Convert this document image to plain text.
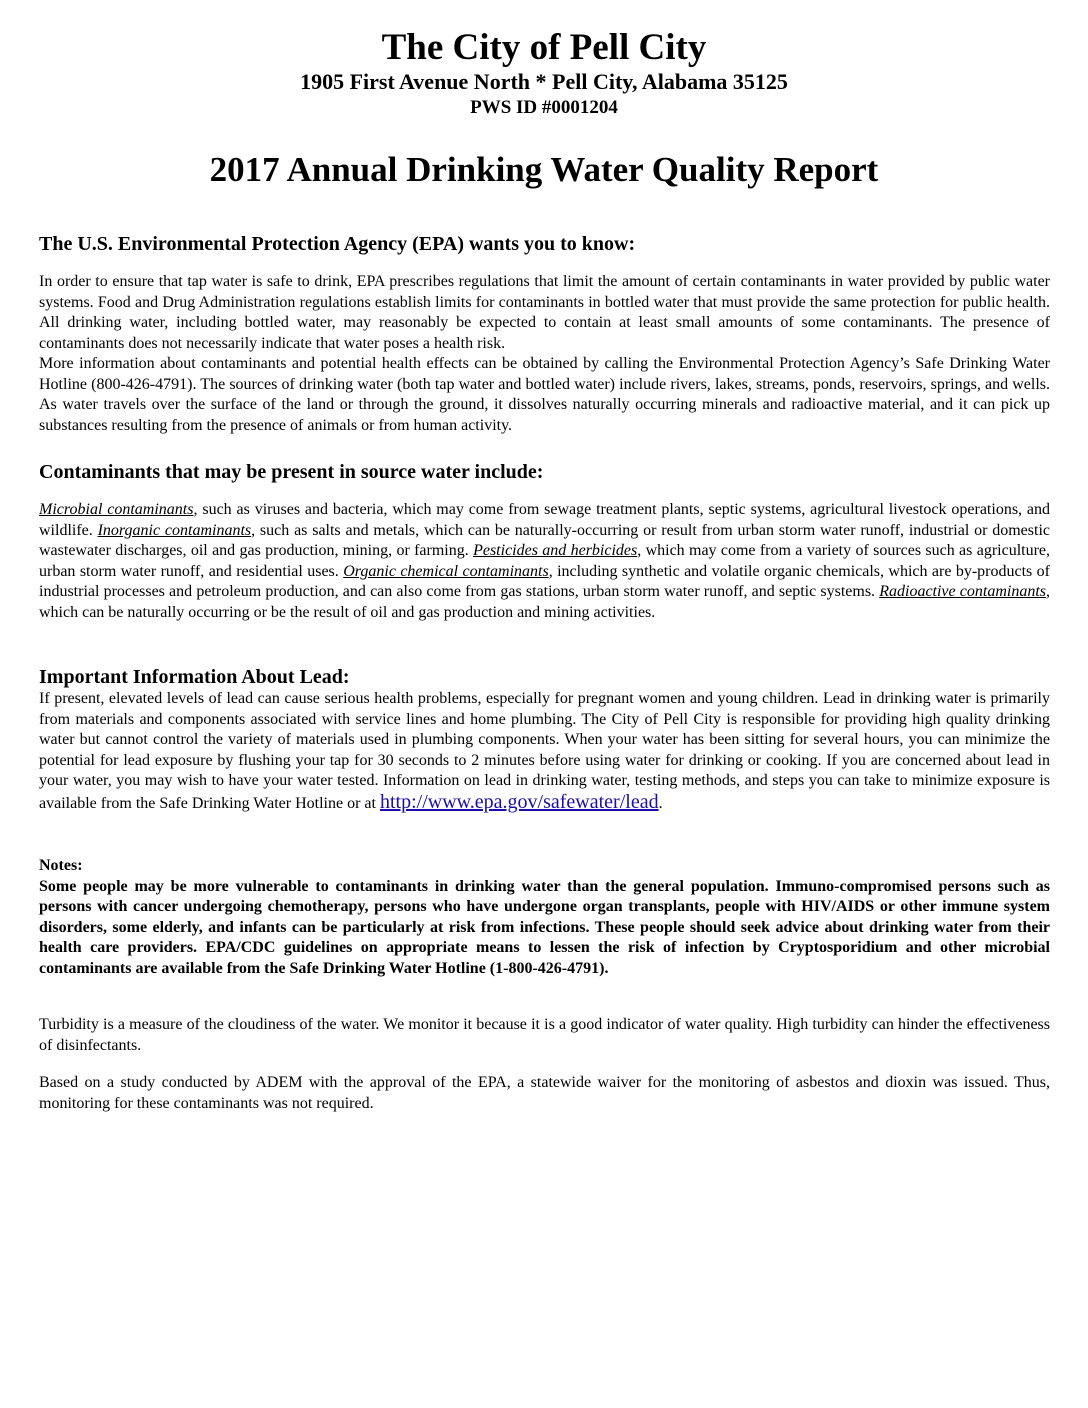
The City of Pell City
1905 First Avenue North * Pell City, Alabama 35125
PWS ID #0001204
2017 Annual Drinking Water Quality Report

The U.S. Environmental Protection Agency (EPA) wants you to know:

In order to ensure that tap water is safe to drink, EPA prescribes regulations that limit the amount of certain contaminants in water provided by public water systems. Food and Drug Administration regulations establish limits for contaminants in bottled water that must provide the same protection for public health. All drinking water, including bottled water, may reasonably be expected to contain at least small amounts of some contaminants. The presence of contaminants does not necessarily indicate that water poses a health risk.

More information about contaminants and potential health effects can be obtained by calling the Environmental Protection Agency’s Safe Drinking Water Hotline (800-426-4791). The sources of drinking water (both tap water and bottled water) include rivers, lakes, streams, ponds, reservoirs, springs, and wells. As water travels over the surface of the land or through the ground, it dissolves naturally occurring minerals and radioactive material, and it can pick up substances resulting from the presence of animals or from human activity.

Contaminants that may be present in source water include:

Microbial contaminants, such as viruses and bacteria, which may come from sewage treatment plants, septic systems, agricultural livestock operations, and wildlife. Inorganic contaminants, such as salts and metals, which can be naturally-occurring or result from urban storm water runoff, industrial or domestic wastewater discharges, oil and gas production, mining, or farming. Pesticides and herbicides, which may come from a variety of sources such as agriculture, urban storm water runoff, and residential uses. Organic chemical contaminants, including synthetic and volatile organic chemicals, which are by-products of industrial processes and petroleum production, and can also come from gas stations, urban storm water runoff, and septic systems. Radioactive contaminants, which can be naturally occurring or be the result of oil and gas production and mining activities.

Important Information About Lead:

If present, elevated levels of lead can cause serious health problems, especially for pregnant women and young children. Lead in drinking water is primarily from materials and components associated with service lines and home plumbing. The City of Pell City is responsible for providing high quality drinking water but cannot control the variety of materials used in plumbing components. When your water has been sitting for several hours, you can minimize the potential for lead exposure by flushing your tap for 30 seconds to 2 minutes before using water for drinking or cooking. If you are concerned about lead in your water, you may wish to have your water tested. Information on lead in drinking water, testing methods, and steps you can take to minimize exposure is available from the Safe Drinking Water Hotline or at http://www.epa.gov/safewater/lead.

Notes:

Some people may be more vulnerable to contaminants in drinking water than the general population. Immuno-compromised persons such as persons with cancer undergoing chemotherapy, persons who have undergone organ transplants, people with HIV/AIDS or other immune system disorders, some elderly, and infants can be particularly at risk from infections. These people should seek advice about drinking water from their health care providers. EPA/CDC guidelines on appropriate means to lessen the risk of infection by Cryptosporidium and other microbial contaminants are available from the Safe Drinking Water Hotline (1-800-426-4791).

Turbidity is a measure of the cloudiness of the water. We monitor it because it is a good indicator of water quality. High turbidity can hinder the effectiveness of disinfectants.

Based on a study conducted by ADEM with the approval of the EPA, a statewide waiver for the monitoring of asbestos and dioxin was issued. Thus, monitoring for these contaminants was not required.
